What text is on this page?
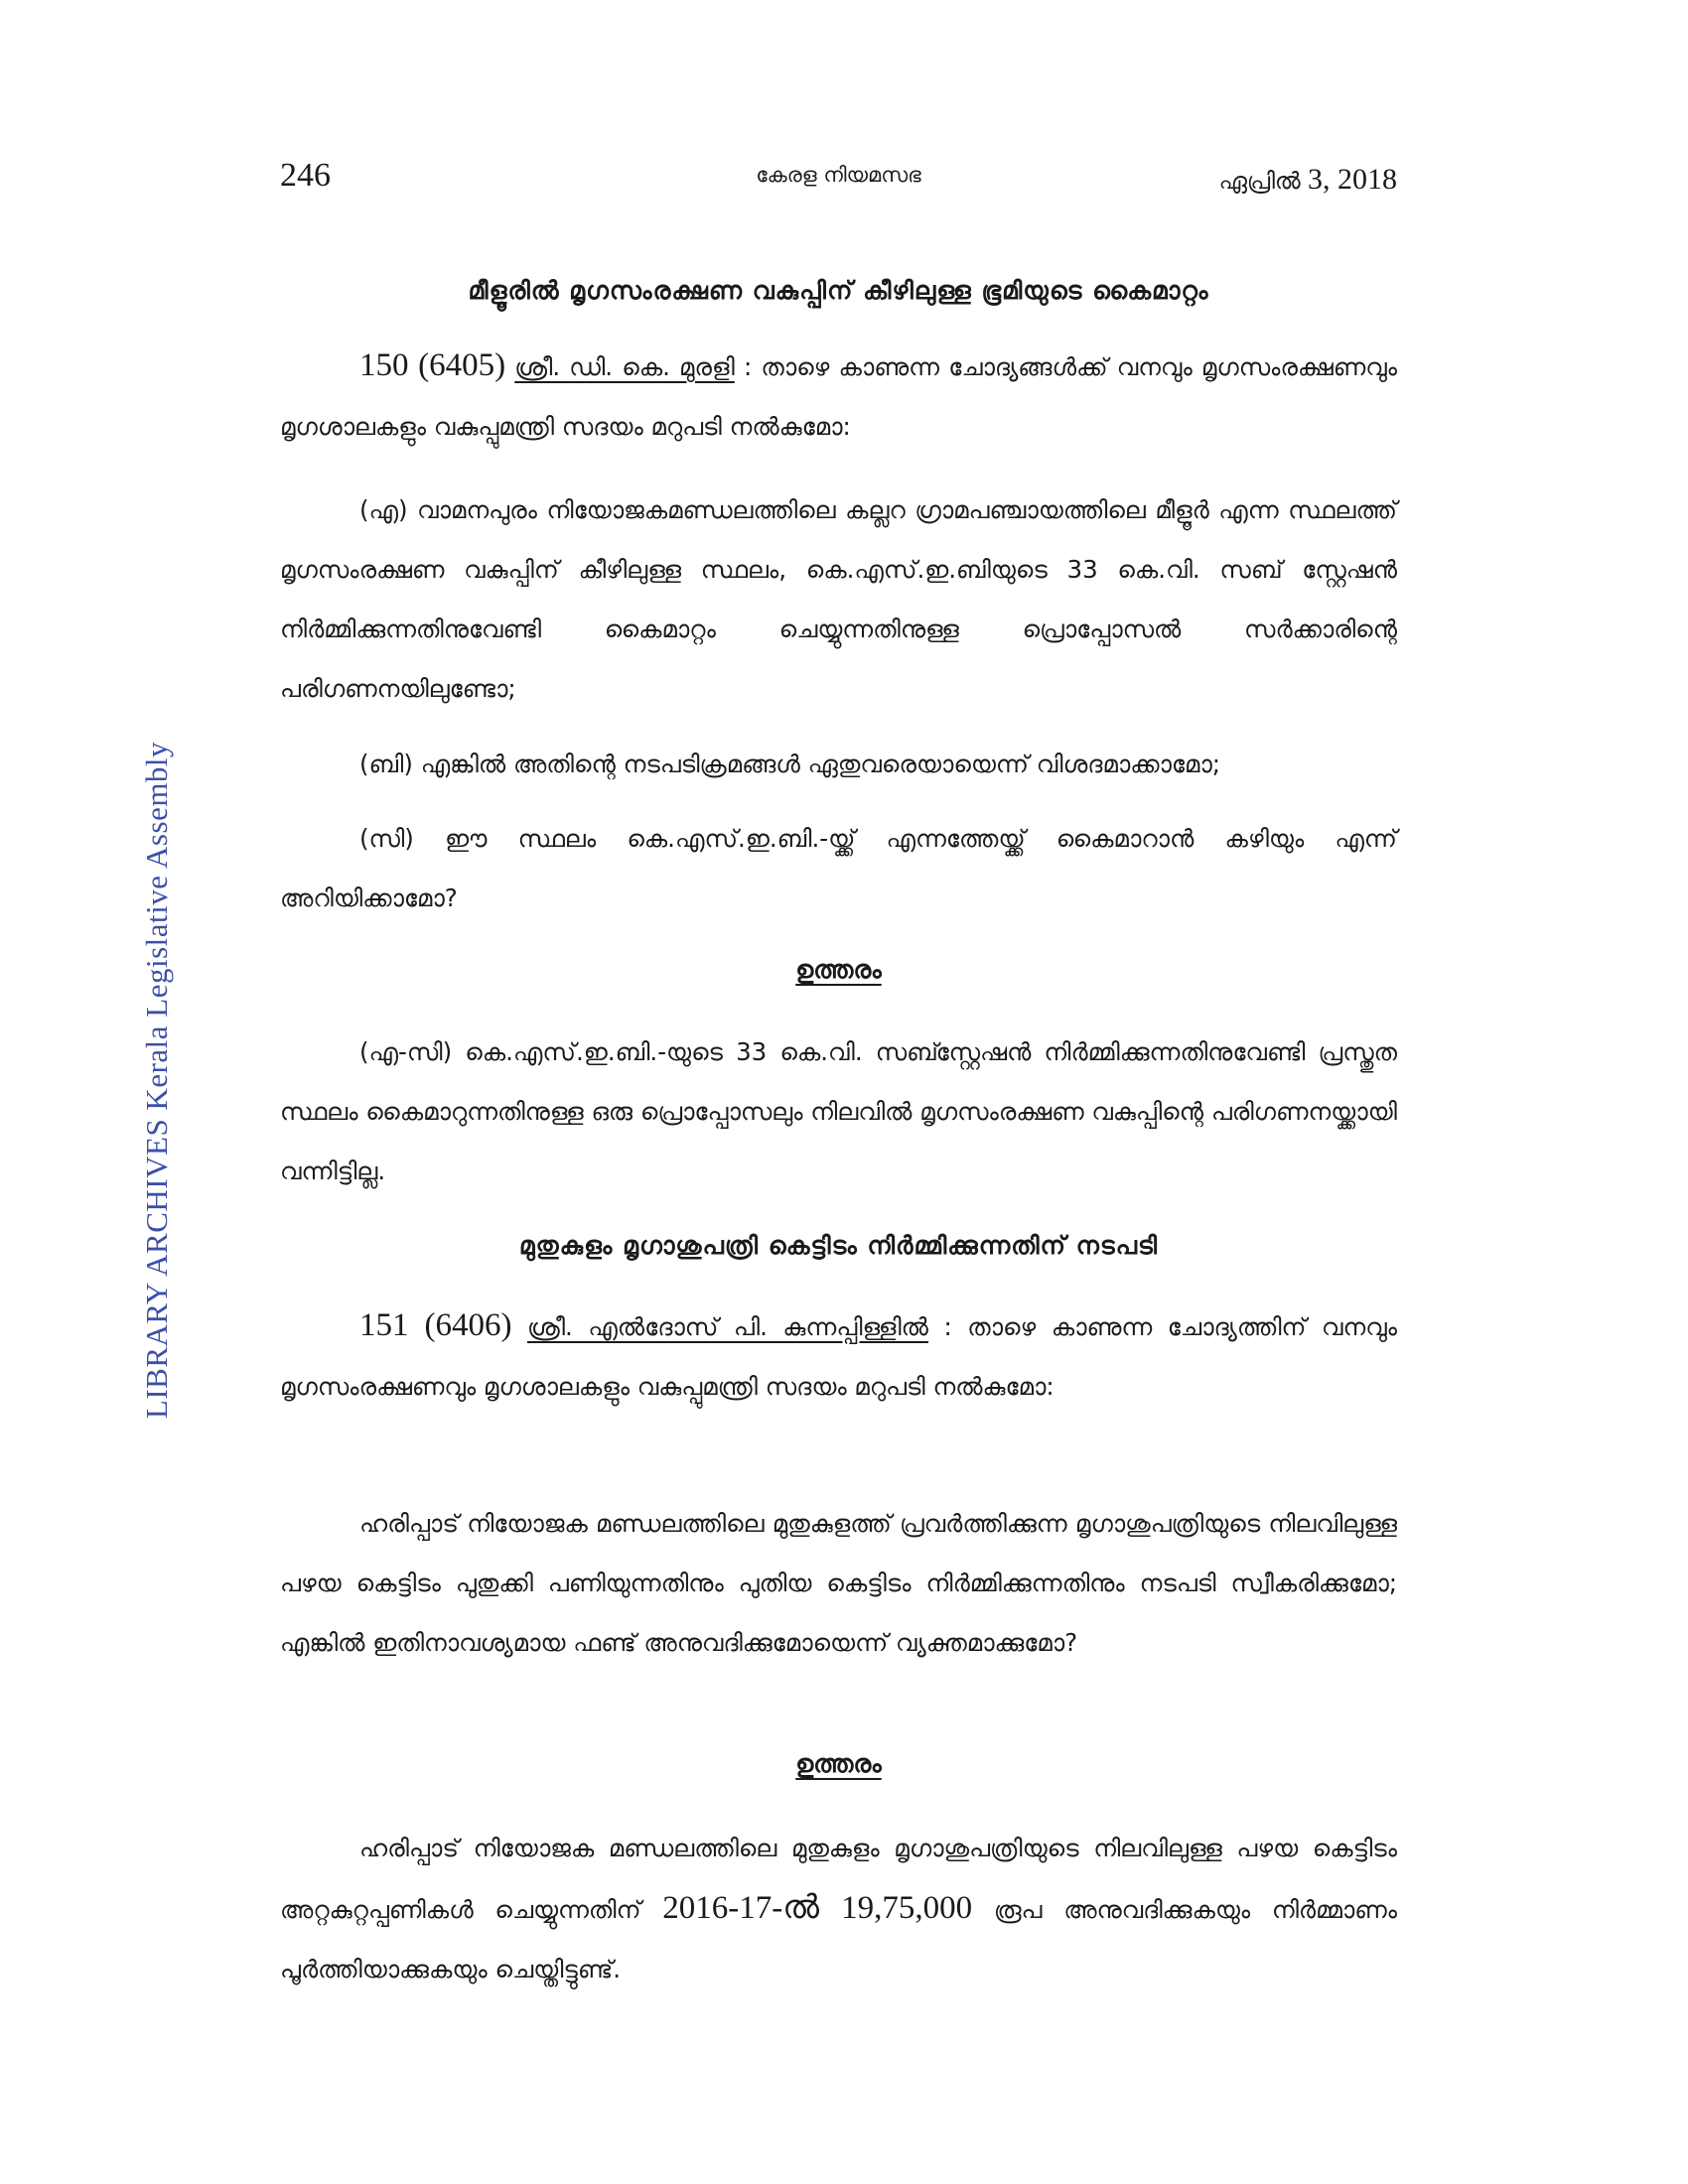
LIBRARY ARCHIVES Kerala Legislative Assembly
246	കേരള നിയമസഭ	ഏപ്രിൽ 3, 2018
മീളൂരിൽ മൃഗസംരക്ഷണ വകുപ്പിന് കീഴിലുള്ള ഭൂമിയുടെ കൈമാറ്റം

150 (6405) ശ്രീ. ഡി. കെ. മുരളി : താഴെ കാണുന്ന ചോദ്യങ്ങൾക്ക് വനവും മൃഗസംരക്ഷണവും മൃഗശാലകളും വകുപ്പുമന്ത്രി സദയം മറുപടി നൽകുമോ:

(എ) വാമനപുരം നിയോജകമണ്ഡലത്തിലെ കല്ലറ ഗ്രാമപഞ്ചായത്തിലെ മീളൂർ എന്ന സ്ഥലത്ത് മൃഗസംരക്ഷണ വകുപ്പിന് കീഴിലുള്ള സ്ഥലം, കെ.എസ്.ഇ.ബിയുടെ 33 കെ.വി. സബ് സ്റ്റേഷൻ നിർമ്മിക്കുന്നതിനുവേണ്ടി കൈമാറ്റം ചെയ്യുന്നതിനുള്ള പ്രൊപ്പോസൽ സർക്കാരിന്റെ പരിഗണനയിലുണ്ടോ;

(ബി) എങ്കിൽ അതിന്റെ നടപടിക്രമങ്ങൾ ഏതുവരെയായെന്ന് വിശദമാക്കാമോ;

(സി) ഈ സ്ഥലം കെ.എസ്.ഇ.ബി.-യ്ക്ക് എന്നത്തേയ്ക്ക് കൈമാറാൻ കഴിയും എന്ന് അറിയിക്കാമോ?

ഉത്തരം

(എ-സി) കെ.എസ്.ഇ.ബി.-യുടെ 33 കെ.വി. സബ്സ്റ്റേഷൻ നിർമ്മിക്കുന്നതിനുവേണ്ടി പ്രസ്തുത സ്ഥലം കൈമാറുന്നതിനുള്ള ഒരു പ്രൊപ്പോസലും നിലവിൽ മൃഗസംരക്ഷണ വകുപ്പിന്റെ പരിഗണനയ്ക്കായി വന്നിട്ടില്ല.

മുതുകുളം മൃഗാശുപത്രി കെട്ടിടം നിർമ്മിക്കുന്നതിന് നടപടി

151 (6406) ശ്രീ. എൽദോസ് പി. കുന്നപ്പിള്ളിൽ : താഴെ കാണുന്ന ചോദ്യത്തിന് വനവും മൃഗസംരക്ഷണവും മൃഗശാലകളും വകുപ്പുമന്ത്രി സദയം മറുപടി നൽകുമോ:

ഹരിപ്പാട് നിയോജക മണ്ഡലത്തിലെ മുതുകുളത്ത് പ്രവർത്തിക്കുന്ന മൃഗാശുപത്രിയുടെ നിലവിലുള്ള പഴയ കെട്ടിടം പുതുക്കി പണിയുന്നതിനും പുതിയ കെട്ടിടം നിർമ്മിക്കുന്നതിനും നടപടി സ്വീകരിക്കുമോ; എങ്കിൽ ഇതിനാവശ്യമായ ഫണ്ട് അനുവദിക്കുമോയെന്ന് വ്യക്തമാക്കുമോ?

ഉത്തരം

ഹരിപ്പാട് നിയോജക മണ്ഡലത്തിലെ മുതുകുളം മൃഗാശുപത്രിയുടെ നിലവിലുള്ള പഴയ കെട്ടിടം അറ്റകുറ്റപ്പണികൾ ചെയ്യുന്നതിന് 2016-17-ൽ 19,75,000 രൂപ അനുവദിക്കുകയും നിർമ്മാണം പൂർത്തിയാക്കുകയും ചെയ്തിട്ടുണ്ട്.
